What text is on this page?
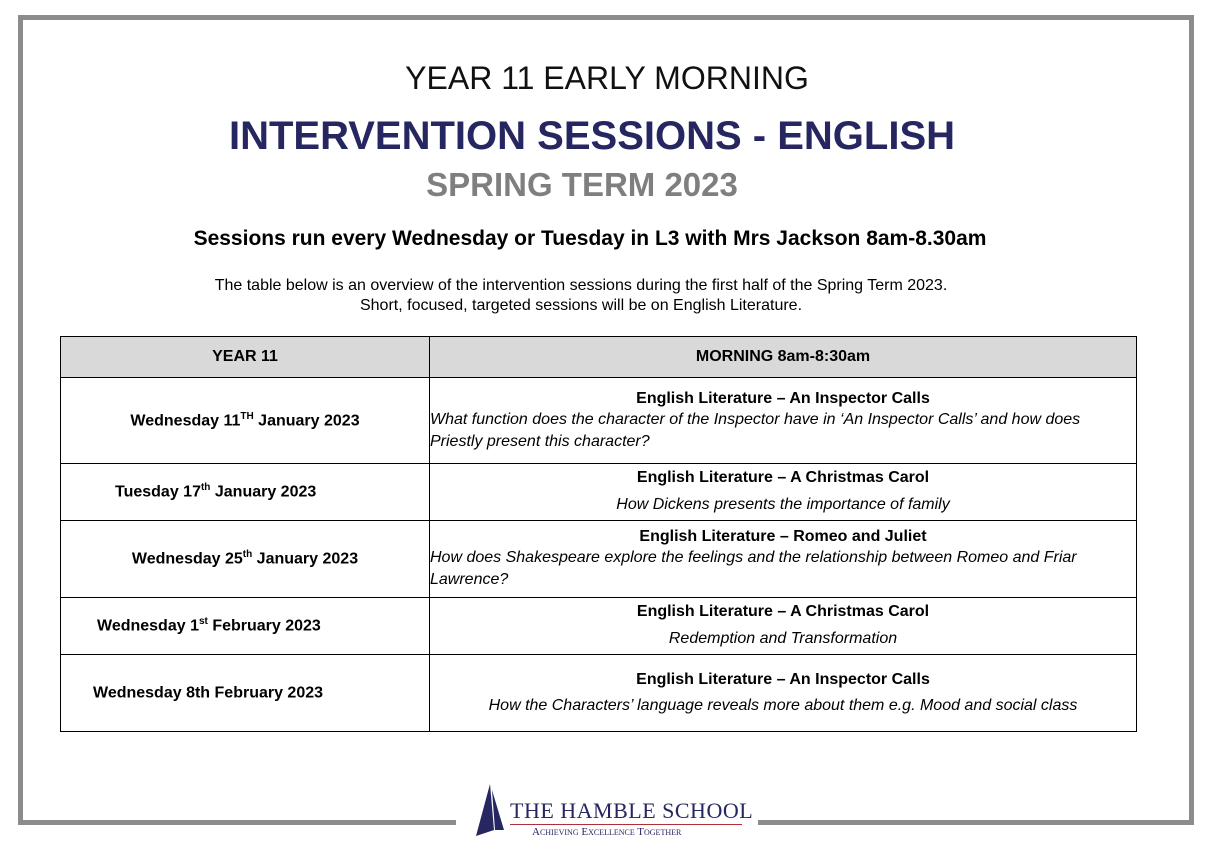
YEAR 11 EARLY MORNING
INTERVENTION SESSIONS - ENGLISH
SPRING TERM 2023
Sessions run every Wednesday or Tuesday in L3 with Mrs Jackson 8am-8.30am
The table below is an overview of the intervention sessions during the first half of the Spring Term 2023.
Short, focused, targeted sessions will be on English Literature.
YEAR 11	MORNING 8am-8:30am
Wednesday 11TH January 2023	English Literature – An Inspector Calls
What function does the character of the Inspector have in ‘An Inspector Calls’ and how does Priestly present this character?

Tuesday 17th January 2023	English Literature – A Christmas Carol
How Dickens presents the importance of family

Wednesday 25th January 2023	English Literature – Romeo and Juliet
How does Shakespeare explore the feelings and the relationship between Romeo and Friar Lawrence?

Wednesday 1st February 2023	English Literature – A Christmas Carol
Redemption and Transformation

Wednesday 8th February 2023	English Literature – An Inspector Calls
How the Characters’ language reveals more about them e.g. Mood and social class
THE HAMBLE SCHOOL
Achieving Excellence Together
